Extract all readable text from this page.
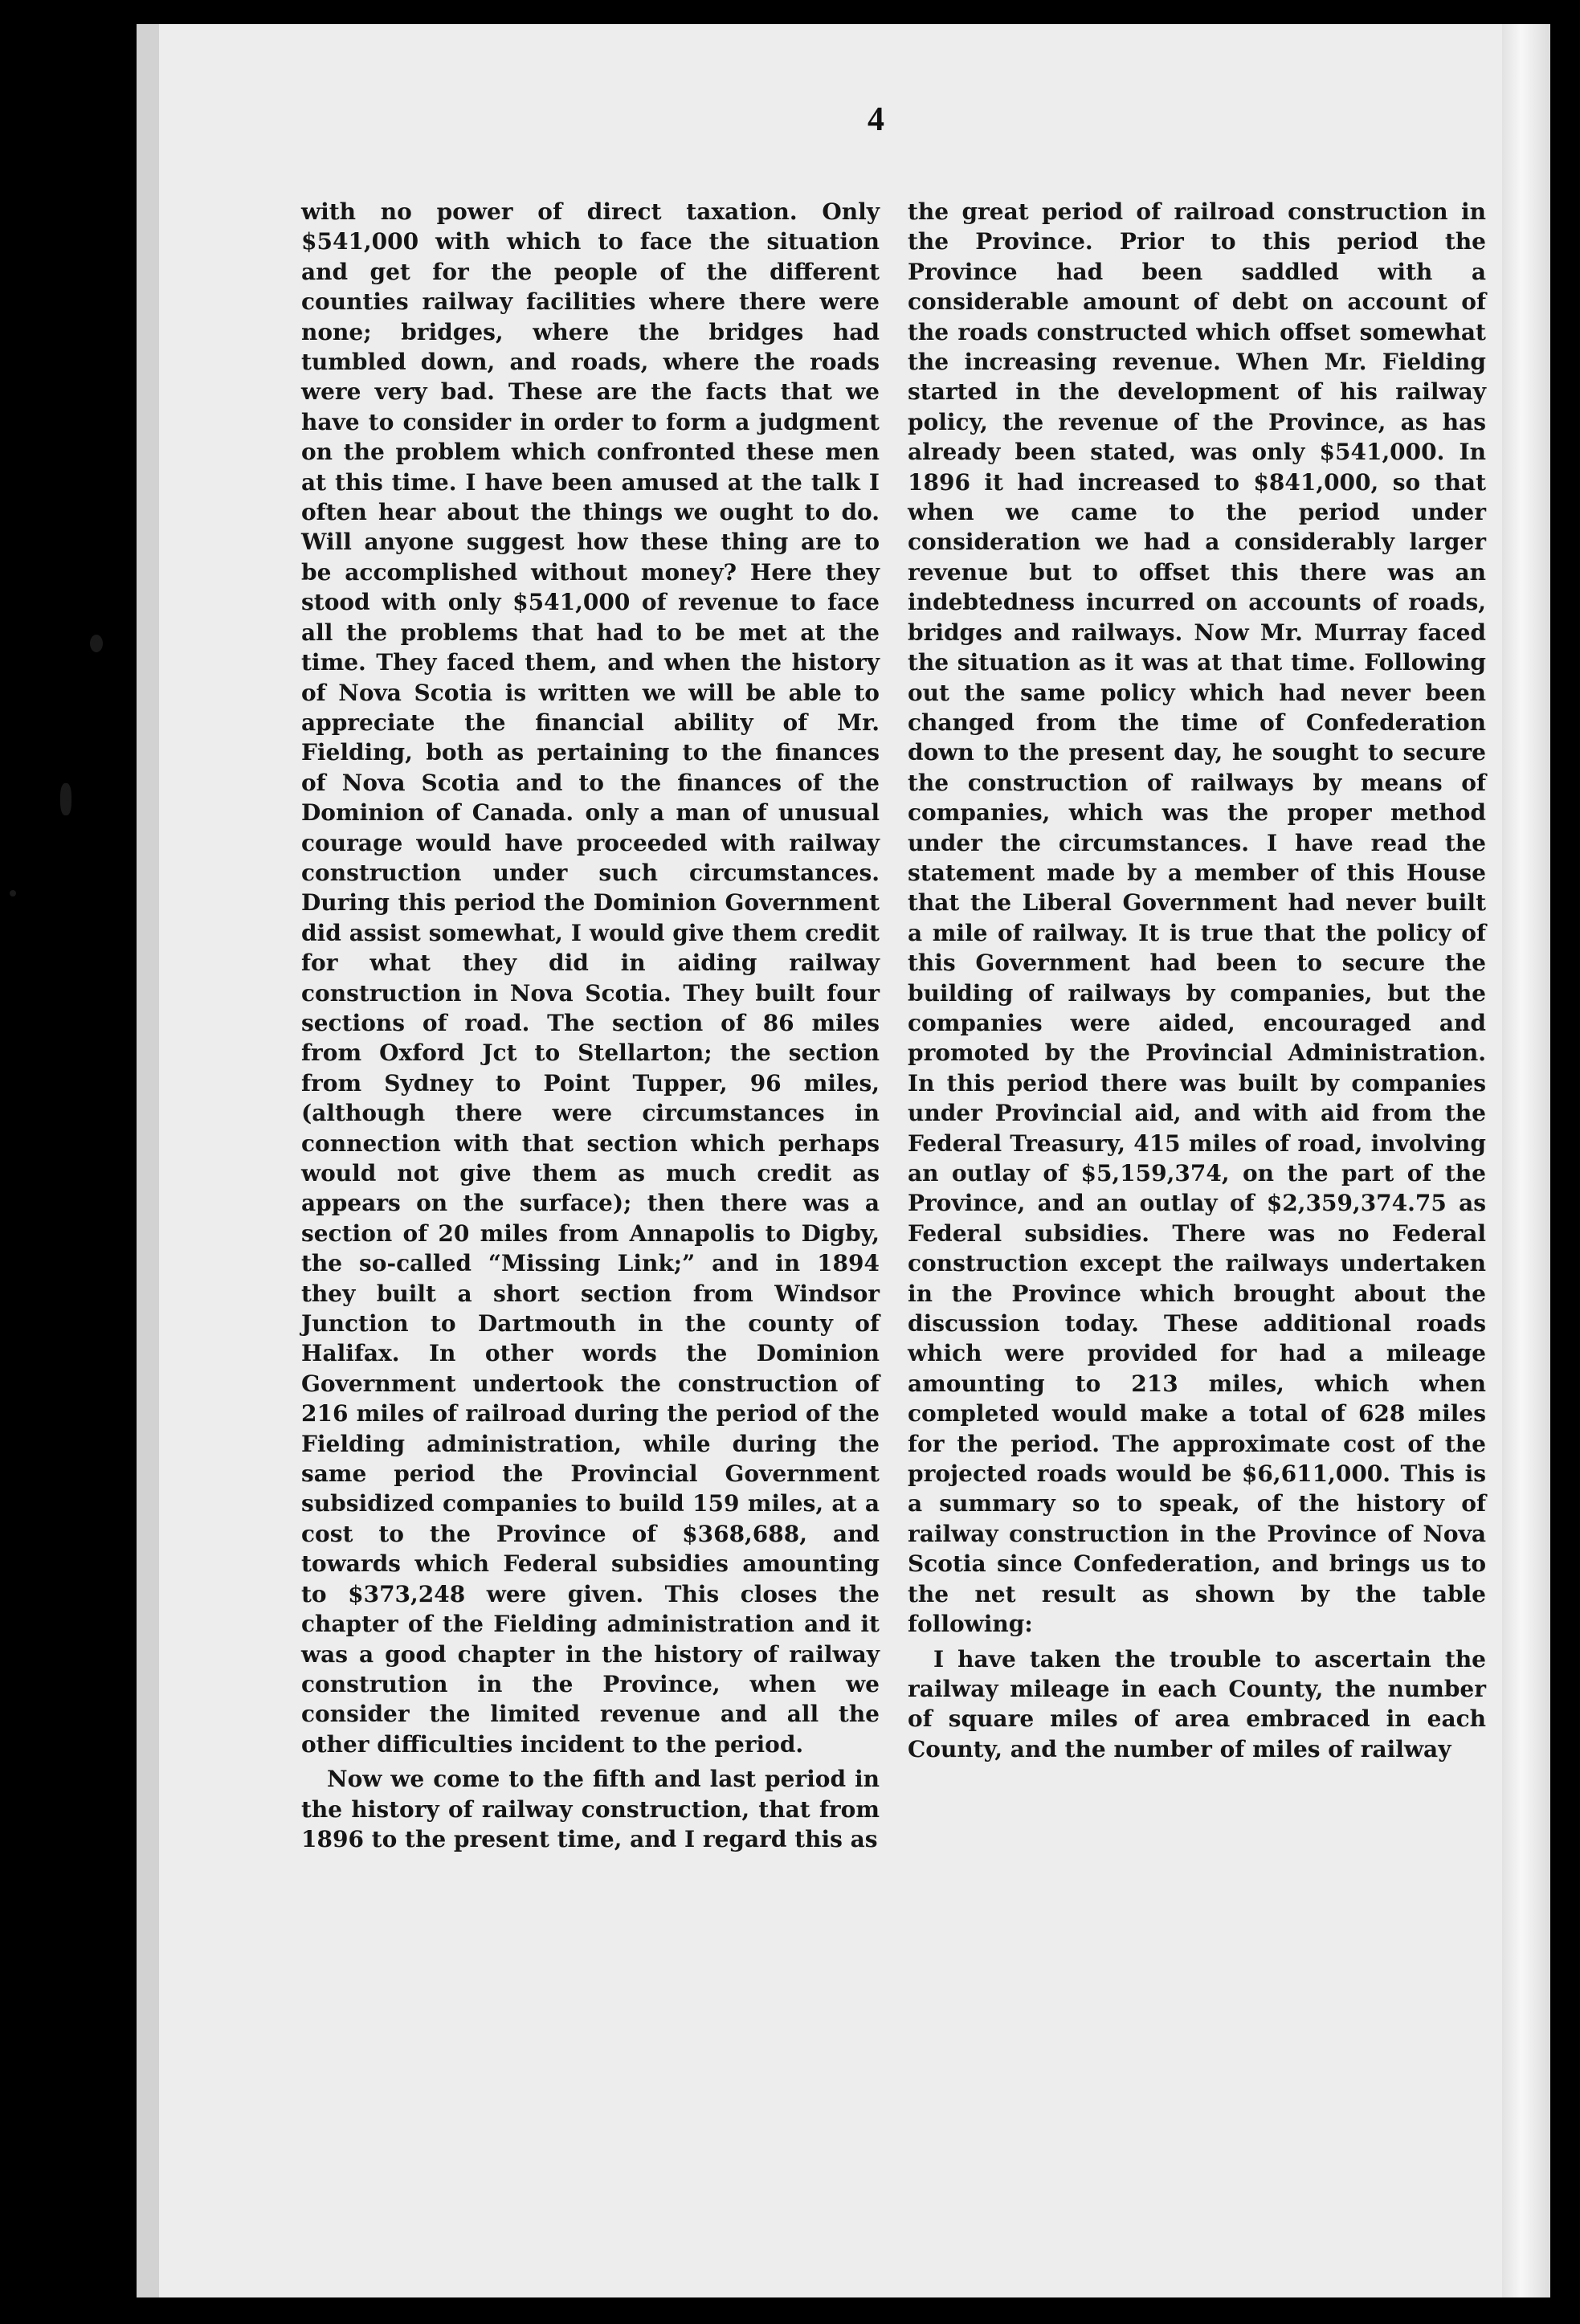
4

with no power of direct taxation. Only $541,000 with which to face the situation and get for the people of the different counties railway facilities where there were none; bridges, where the bridges had tumbled down, and roads, where the roads were very bad. These are the facts that we have to consider in order to form a judgment on the problem which confronted these men at this time. I have been amused at the talk I often hear about the things we ought to do. Will anyone suggest how these thing are to be accomplished without money? Here they stood with only $541,000 of revenue to face all the problems that had to be met at the time. They faced them, and when the history of Nova Scotia is written we will be able to appreciate the financial ability of Mr. Fielding, both as pertaining to the finances of Nova Scotia and to the finances of the Dominion of Canada. only a man of unusual courage would have proceeded with railway construction under such circumstances. During this period the Dominion Government did assist somewhat, I would give them credit for what they did in aiding railway construction in Nova Scotia. They built four sections of road. The section of 86 miles from Oxford Jct to Stellarton; the section from Sydney to Point Tupper, 96 miles, (although there were circumstances in connection with that section which perhaps would not give them as much credit as appears on the surface); then there was a section of 20 miles from Annapolis to Digby, the so-called “Missing Link;” and in 1894 they built a short section from Windsor Junction to Dartmouth in the county of Halifax. In other words the Dominion Government undertook the construction of 216 miles of railroad during the period of the Fielding administration, while during the same period the Provincial Government subsidized companies to build 159 miles, at a cost to the Province of $368,688, and towards which Federal subsidies amounting to $373,248 were given. This closes the chapter of the Fielding administration and it was a good chapter in the history of railway constrution in the Province, when we consider the limited revenue and all the other difficulties incident to the period.

Now we come to the fifth and last period in the history of railway construction, that from 1896 to the present time, and I regard this as

the great period of railroad construction in the Province. Prior to this period the Province had been saddled with a considerable amount of debt on account of the roads constructed which offset somewhat the increasing revenue. When Mr. Fielding started in the development of his railway policy, the revenue of the Province, as has already been stated, was only $541,000. In 1896 it had increased to $841,000, so that when we came to the period under consideration we had a considerably larger revenue but to offset this there was an indebtedness incurred on accounts of roads, bridges and railways. Now Mr. Murray faced the situation as it was at that time. Following out the same policy which had never been changed from the time of Confederation down to the present day, he sought to secure the construction of railways by means of companies, which was the proper method under the circumstances. I have read the statement made by a member of this House that the Liberal Government had never built a mile of railway. It is true that the policy of this Government had been to secure the building of railways by companies, but the companies were aided, encouraged and promoted by the Provincial Administration. In this period there was built by companies under Provincial aid, and with aid from the Federal Treasury, 415 miles of road, involving an outlay of $5,159,374, on the part of the Province, and an outlay of $2,359,374.75 as Federal subsidies. There was no Federal construction except the railways undertaken in the Province which brought about the discussion today. These additional roads which were provided for had a mileage amounting to 213 miles, which when completed would make a total of 628 miles for the period. The approximate cost of the projected roads would be $6,611,000. This is a summary so to speak, of the history of railway construction in the Province of Nova Scotia since Confederation, and brings us to the net result as shown by the table following:

I have taken the trouble to ascertain the railway mileage in each County, the number of square miles of area embraced in each County, and the number of miles of railway
